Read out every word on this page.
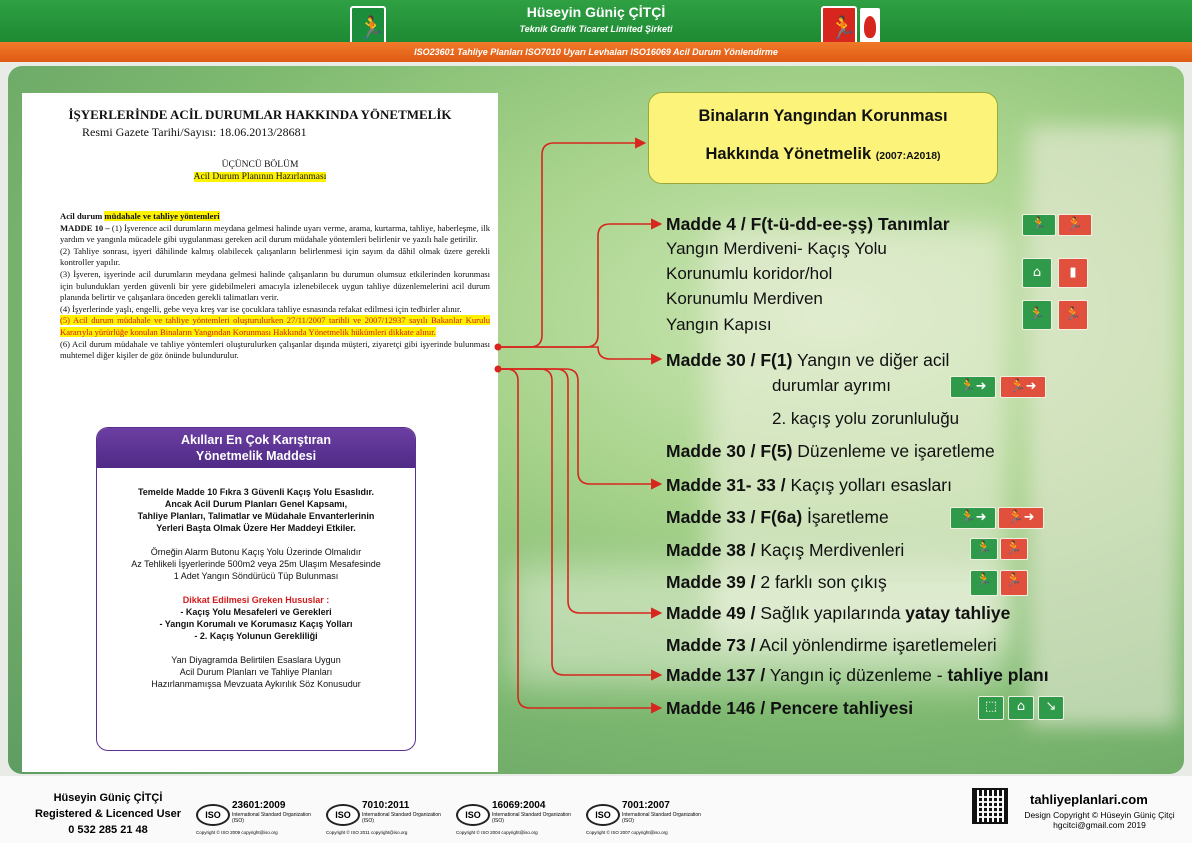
🏃
Hüseyin Güniç ÇİTÇİ
Teknik Grafik Ticaret Limited Şirketi	🏃
ISO23601 Tahliye Planları ISO7010 Uyarı Levhaları ISO16069 Acil Durum Yönlendirme
İŞYERLERİNDE ACİL DURUMLAR HAKKINDA YÖNETMELİK
Resmi Gazete Tarihi/Sayısı: 18.06.2013/28681
ÜÇÜNCÜ BÖLÜM
Acil Durum Planının Hazırlanması

Acil durum müdahale ve tahliye yöntemleri

MADDE 10 – (1) İşverence acil durumların meydana gelmesi halinde uyarı verme, arama, kurtarma, tahliye, haberleşme, ilk yardım ve yangınla mücadele gibi uygulanması gereken acil durum müdahale yöntemleri belirlenir ve yazılı hale getirilir.

(2) Tahliye sonrası, işyeri dâhilinde kalmış olabilecek çalışanların belirlenmesi için sayım da dâhil olmak üzere gerekli kontroller yapılır.

(3) İşveren, işyerinde acil durumların meydana gelmesi halinde çalışanların bu durumun olumsuz etkilerinden korunması için bulundukları yerden güvenli bir yere gidebilmeleri amacıyla izlenebilecek uygun tahliye düzenlemelerini acil durum planında belirtir ve çalışanlara önceden gerekli talimatları verir.

(4) İşyerlerinde yaşlı, engelli, gebe veya kreş var ise çocuklara tahliye esnasında refakat edilmesi için tedbirler alınır.

(5) Acil durum müdahale ve tahliye yöntemleri oluşturulurken 27/11/2007 tarihli ve 2007/12937 sayılı Bakanlar Kurulu Kararıyla yürürlüğe konulan Binaların Yangından Korunması Hakkında Yönetmelik hükümleri dikkate alınır.

(6) Acil durum müdahale ve tahliye yöntemleri oluşturulurken çalışanlar dışında müşteri, ziyaretçi gibi işyerinde bulunması muhtemel diğer kişiler de göz önünde bulundurulur.

Akılları En Çok Karıştıran
Yönetmelik Maddesi
Temelde Madde 10 Fıkra 3 Güvenli Kaçış Yolu Esaslıdır.
Ancak Acil Durum Planları Genel Kapsamı,
Tahliye Planları, Talimatlar ve Müdahale Envanterlerinin
Yerleri Başta Olmak Üzere Her Maddeyi Etkiler.
Örneğin Alarm Butonu Kaçış Yolu Üzerinde Olmalıdır
Az Tehlikeli İşyerlerinde 500m2 veya 25m Ulaşım Mesafesinde
1 Adet Yangın Söndürücü Tüp Bulunması
Dikkat Edilmesi Greken Hususlar :
- Kaçış Yolu Mesafeleri ve Gerekleri
- Yangın Korumalı ve Korumasız Kaçış Yolları
- 2. Kaçış Yolunun Gerekliliği
Yan Diyagramda Belirtilen Esaslara Uygun
Acil Durum Planları ve Tahliye Planları
Hazırlanmamışsa Mevzuata Aykırılık Söz Konusudur
Binaların Yangından Korunması
Hakkında Yönetmelik (2007:A2018)
Madde 4 / F(t-ü-dd-ee-şş) Tanımlar	🏃	🏃
Yangın Merdiveni- Kaçış Yolu
Korunumlu koridor/hol	⌂	▮
Korunumlu Merdiven
Yangın Kapısı
🏃	🏃
Madde 30 / F(1) Yangın ve diğer acil
durumlar ayrımı	🏃➜	🏃➜
2. kaçış yolu zorunluluğu
Madde 30 / F(5) Düzenleme ve işaretleme
Madde 31- 33 / Kaçış yolları esasları
Madde 33 / F(6a) İşaretleme	🏃➜	🏃➜
Madde 38 / Kaçış Merdivenleri	🏃	🏃
Madde 39 / 2 farklı son çıkış	🏃	🏃
Madde 49 / Sağlık yapılarında yatay tahliye
Madde 73 / Acil yönlendirme işaretlemeleri
Madde 137 / Yangın iç düzenleme - tahliye planı
Madde 146 / Pencere tahliyesi	⬚	⌂	↘
Hüseyin Güniç ÇİTÇİ
Registered & Licenced User
0 532 285 21 48
ISO
23601:2009
International Standard Organization (ISO)
Copyright © ISO 2009 copyright@iso.org
ISO
7010:2011
International Standard Organization (ISO)
Copyright © ISO 2011 copyright@iso.org
ISO
16069:2004
International Standard Organization (ISO)
Copyright © ISO 2004 copyright@iso.org
ISO
7001:2007
International Standard Organization (ISO)
Copyright © ISO 2007 copyright@iso.org
tahliyeplanlari.com
Design Copyright © Hüseyin Güniç Çitçi
hgcitci@gmail.com 2019
